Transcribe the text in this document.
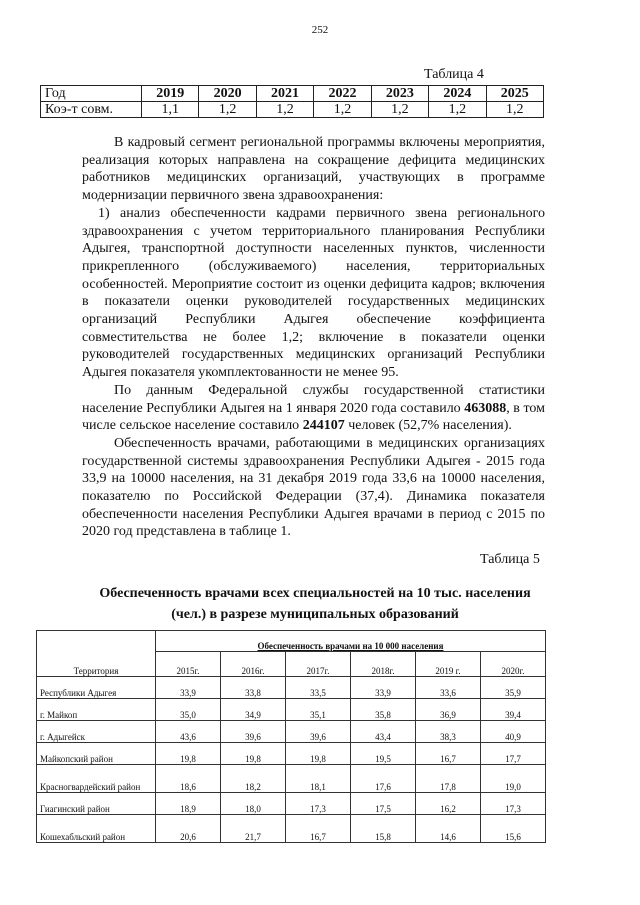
252
Таблица 4
Год	2019	2020	2021	2022	2023	2024	2025
Коэ-т совм.	1,1	1,2	1,2	1,2	1,2	1,2	1,2

В кадровый сегмент региональной программы включены мероприятия, реализация которых направлена на сокращение дефицита медицинских работников медицинских организаций, участвующих в программе модернизации первичного звена здравоохранения:

1) анализ обеспеченности кадрами первичного звена регионального здравоохранения с учетом территориального планирования Республики Адыгея, транспортной доступности населенных пунктов, численности прикрепленного (обслуживаемого) населения, территориальных особенностей. Мероприятие состоит из оценки дефицита кадров; включения в показатели оценки руководителей государственных медицинских организаций Республики Адыгея обеспечение коэффициента совместительства не более 1,2; включение в показатели оценки руководителей государственных медицинских организаций Республики Адыгея показателя укомплектованности не менее 95.

По данным Федеральной службы государственной статистики население Республики Адыгея на 1 января 2020 года составило 463088, в том числе сельское население составило 244107 человек (52,7% населения).

Обеспеченность врачами, работающими в медицинских организациях государственной системы здравоохранения Республики Адыгея - 2015 года 33,9 на 10000 населения, на 31 декабря 2019 года 33,6 на 10000 населения, показателю по Российской Федерации (37,4). Динамика показателя обеспеченности населения Республики Адыгея врачами в период с 2015 по 2020 год представлена в таблице 1.

Таблица 5
Обеспеченность врачами всех специальностей на 10 тыс. населения
(чел.) в разрезе муниципальных образований
Территория	Обеспеченность врачами на 10 000 населения					
	2015г.	2016г.	2017г.	2018г.	2019 г.	2020г.
Республики Адыгея	33,9	33,8	33,5	33,9	33,6	35,9
г. Майкоп	35,0	34,9	35,1	35,8	36,9	39,4
г. Адыгейск	43,6	39,6	39,6	43,4	38,3	40,9
Майкопский район	19,8	19,8	19,8	19,5	16,7	17,7
Красногвардейский район	18,6	18,2	18,1	17,6	17,8	19,0
Гиагинский район	18,9	18,0	17,3	17,5	16,2	17,3
Кошехабльский район	20,6	21,7	16,7	15,8	14,6	15,6
